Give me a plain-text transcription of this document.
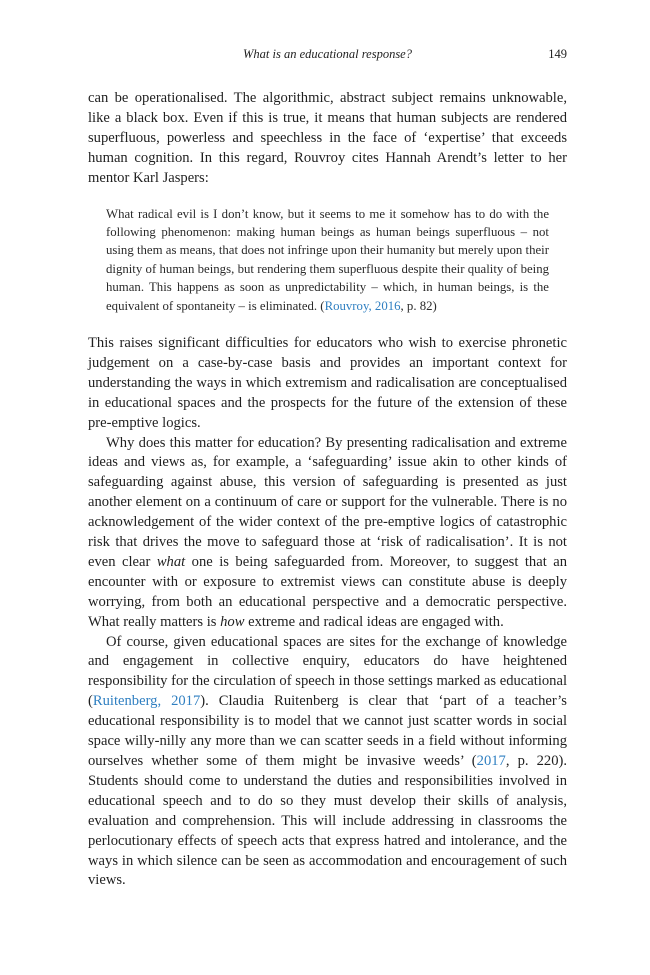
What is an educational response?	149

can be operationalised. The algorithmic, abstract subject remains unknowable, like a black box. Even if this is true, it means that human subjects are rendered superfluous, powerless and speechless in the face of ‘expertise’ that exceeds human cognition. In this regard, Rouvroy cites Hannah Arendt’s letter to her mentor Karl Jaspers:

What radical evil is I don’t know, but it seems to me it somehow has to do with the following phenomenon: making human beings as human beings superfluous – not using them as means, that does not infringe upon their humanity but merely upon their dignity of human beings, but rendering them superfluous despite their quality of being human. This happens as soon as unpredictability – which, in human beings, is the equivalent of spontaneity – is eliminated. (Rouvroy, 2016, p. 82)

This raises significant difficulties for educators who wish to exercise phronetic judgement on a case-by-case basis and provides an important context for understanding the ways in which extremism and radicalisation are conceptualised in educational spaces and the prospects for the future of the extension of these pre-emptive logics.

Why does this matter for education? By presenting radicalisation and extreme ideas and views as, for example, a ‘safeguarding’ issue akin to other kinds of safeguarding against abuse, this version of safeguarding is presented as just another element on a continuum of care or support for the vulnerable. There is no acknowledgement of the wider context of the pre-emptive logics of catastrophic risk that drives the move to safeguard those at ‘risk of radicalisation’. It is not even clear what one is being safeguarded from. Moreover, to suggest that an encounter with or exposure to extremist views can constitute abuse is deeply worrying, from both an educational perspective and a democratic perspective. What really matters is how extreme and radical ideas are engaged with.

Of course, given educational spaces are sites for the exchange of knowledge and engagement in collective enquiry, educators do have heightened responsibility for the circulation of speech in those settings marked as educational (Ruitenberg, 2017). Claudia Ruitenberg is clear that ‘part of a teacher’s educational responsibility is to model that we cannot just scatter words in social space willy-nilly any more than we can scatter seeds in a field without informing ourselves whether some of them might be invasive weeds’ (2017, p. 220). Students should come to understand the duties and responsibilities involved in educational speech and to do so they must develop their skills of analysis, evaluation and comprehension. This will include addressing in classrooms the perlocutionary effects of speech acts that express hatred and intolerance, and the ways in which silence can be seen as accommodation and encouragement of such views.
